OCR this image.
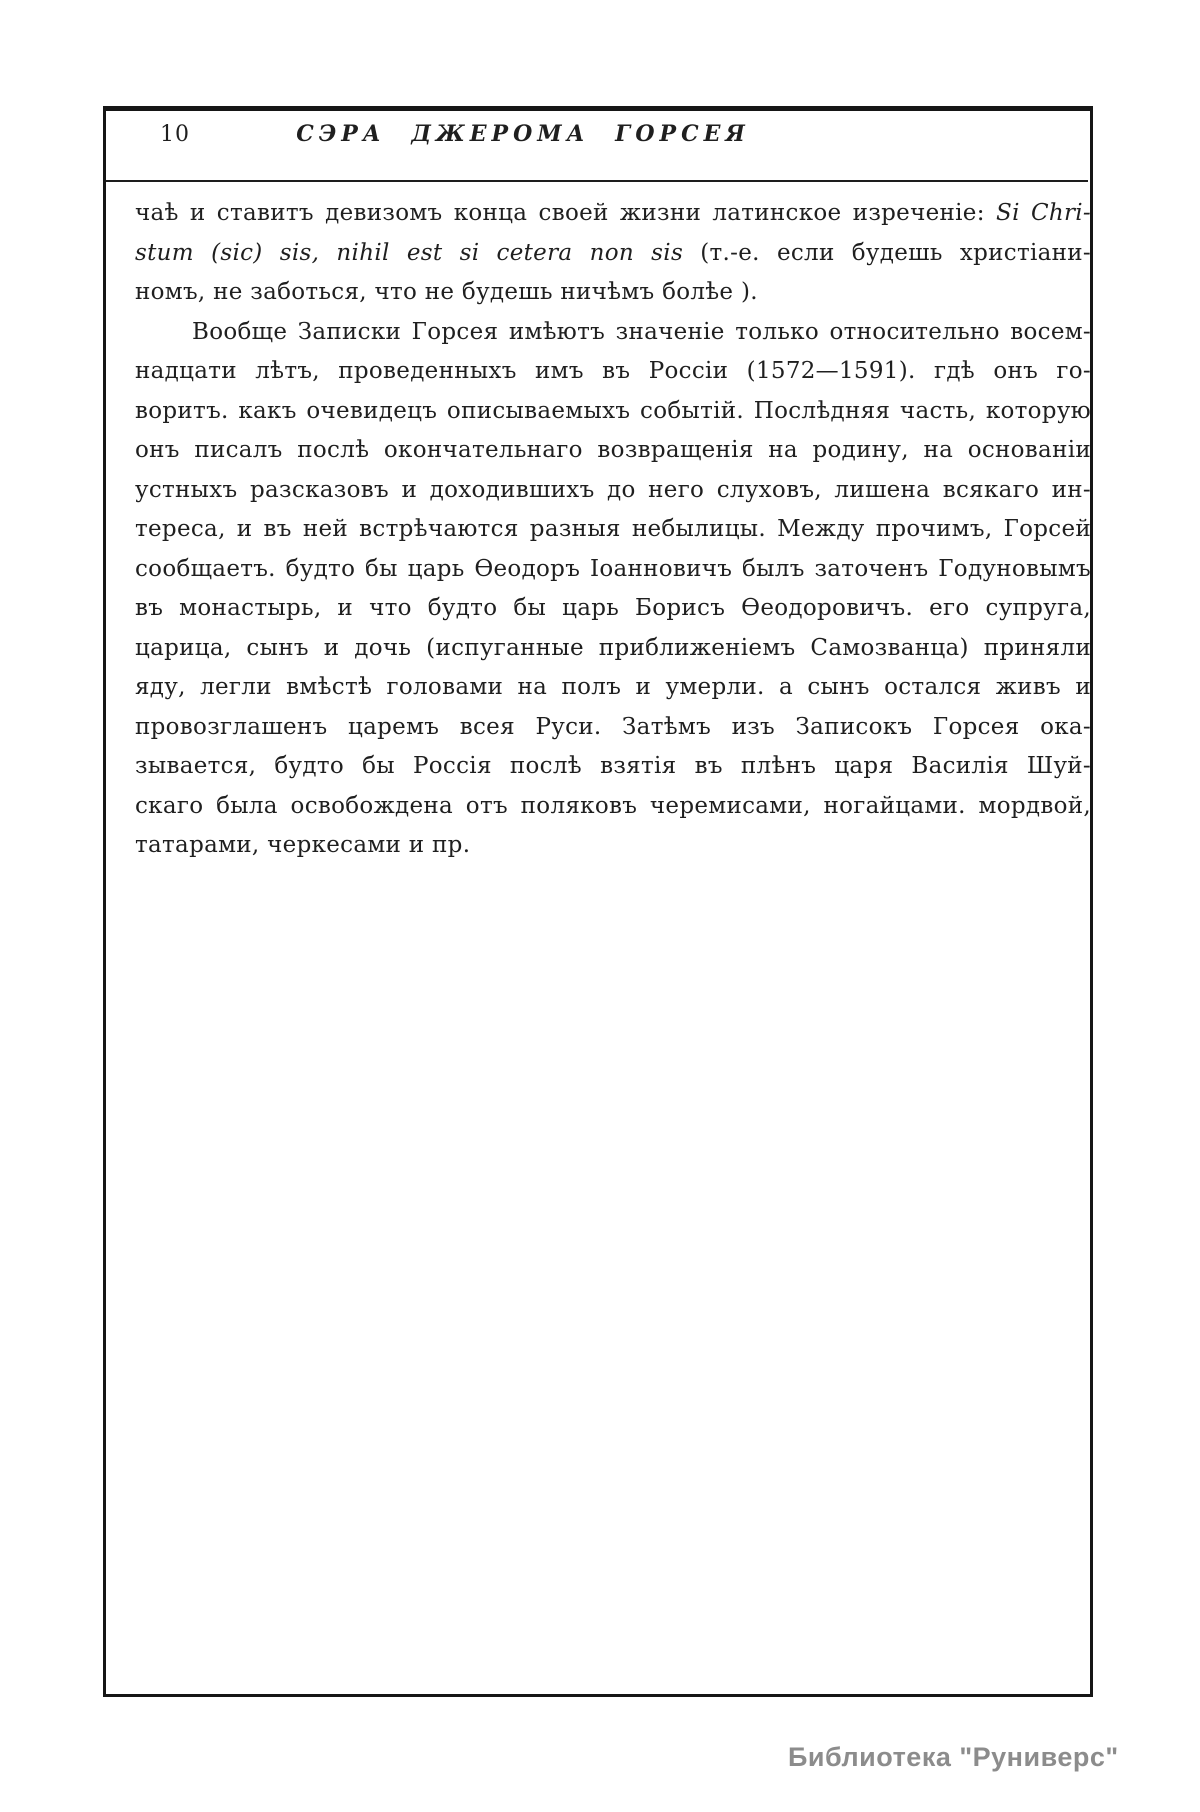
10	СЭРА ДЖЕРОМА ГОРСЕЯ
чаѣ и ставитъ девизомъ конца своей жизни латинское изреченіе: Si Chri-
stum (sic) sis, nihil est si cetera non sis (т.-е. если будешь христіани-
номъ, не заботься, что не будешь ничѣмъ болѣе ).
Вообще Записки Горсея имѣютъ значеніе только относительно восем-
надцати лѣтъ, проведенныхъ имъ въ Россіи (1572—1591). гдѣ онъ го-
воритъ. какъ очевидецъ описываемыхъ событій. Послѣдняя часть, которую
онъ писалъ послѣ окончательнаго возвращенія на родину, на основаніи
устныхъ разсказовъ и доходившихъ до него слуховъ, лишена всякаго ин-
тереса, и въ ней встрѣчаются разныя небылицы. Между прочимъ, Горсей
сообщаетъ. будто бы царь Ѳеодоръ Іоанновичъ былъ заточенъ Годуновымъ
въ монастырь, и что будто бы царь Борисъ Ѳеодоровичъ. его супруга,
царица, сынъ и дочь (испуганные приближеніемъ Самозванца) приняли
яду, легли вмѣстѣ головами на полъ и умерли. а сынъ остался живъ и
провозглашенъ царемъ всея Руси. Затѣмъ изъ Записокъ Горсея ока-
зывается, будто бы Россія послѣ взятія въ плѣнъ царя Василія Шуй-
скаго была освобождена отъ поляковъ черемисами, ногайцами. мордвой,
татарами, черкесами и пр.
Библиотека "Руниверс"
